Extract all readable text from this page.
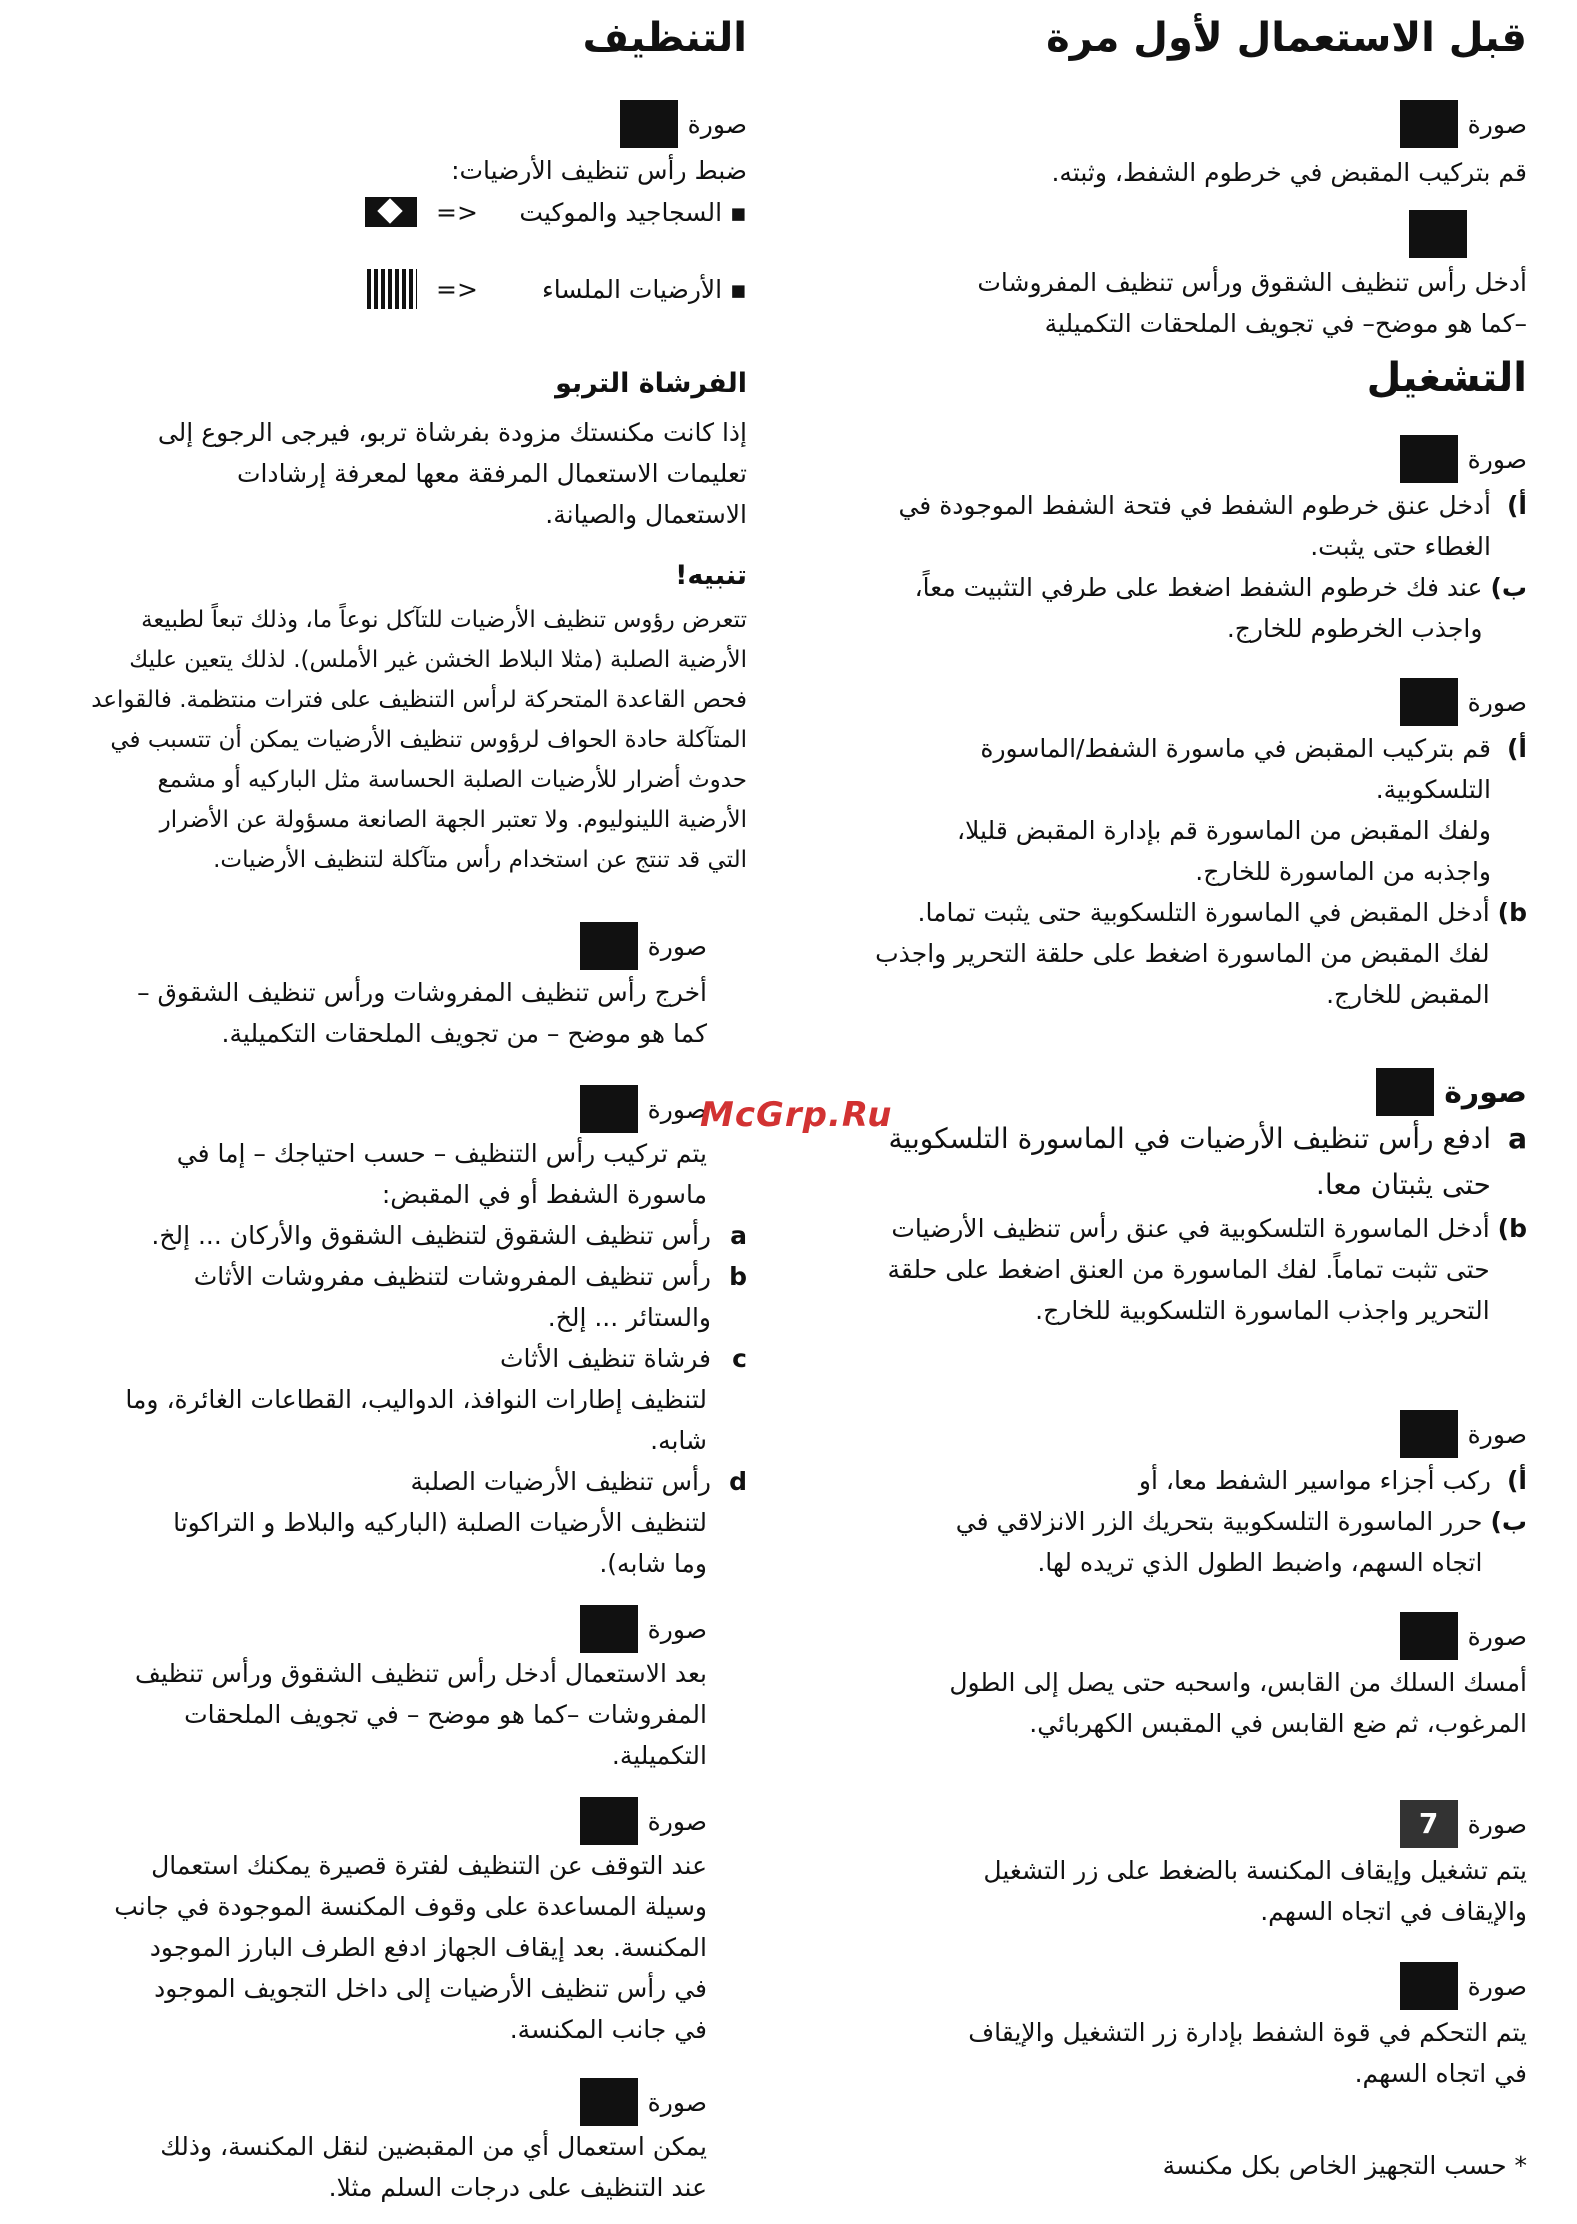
قبل الاستعمال لأول مرة
صورة

قم بتركيب المقبض في خرطوم الشفط، وثبته.

أدخل رأس تنظيف الشقوق ورأس تنظيف المفروشات
–كما هو موضح– في تجويف الملحقات التكميلية

التشغيل
صورة
أ)
أدخل عنق خرطوم الشفط في فتحة الشفط الموجودة في
الغطاء حتى يثبت.
ب)
عند فك خرطوم الشفط اضغط على طرفي التثبيت معاً،
واجذب الخرطوم للخارج.
صورة
أ)
قم بتركيب المقبض في ماسورة الشفط/الماسورة
التلسكوبية.
ولفك المقبض من الماسورة قم بإدارة المقبض قليلا،
واجذبه من الماسورة للخارج.
b)
أدخل المقبض في الماسورة التلسكوبية حتى يثبت تماما.
لفك المقبض من الماسورة اضغط على حلقة التحرير واجذب
المقبض للخارج.
صورة
a
ادفع رأس تنظيف الأرضيات في الماسورة التلسكوبية
حتى يثبتان معا.
b)
أدخل الماسورة التلسكوبية في عنق رأس تنظيف الأرضيات
حتى تثبت تماماً. لفك الماسورة من العنق اضغط على حلقة
التحرير واجذب الماسورة التلسكوبية للخارج.
صورة
أ)
ركب أجزاء مواسير الشفط معا، أو
ب)
حرر الماسورة التلسكوبية بتحريك الزر الانزلاقي في
اتجاه السهم، واضبط الطول الذي تريده لها.
صورة

أمسك السلك من القابس، واسحبه حتى يصل إلى الطول
المرغوب، ثم ضع القابس في المقبس الكهربائي.

صورة
7

يتم تشغيل وإيقاف المكنسة بالضغط على زر التشغيل
والإيقاف في اتجاه السهم.

صورة

يتم التحكم في قوة الشفط بإدارة زر التشغيل والإيقاف
في اتجاه السهم.

* حسب التجهيز الخاص بكل مكنسة

التنظيف
صورة

ضبط رأس تنظيف الأرضيات:

▪ السجاجيد والموكيت
<=
▪ الأرضيات الملساء
<=
الفرشاة التربو

إذا كانت مكنستك مزودة بفرشاة تربو، فيرجى الرجوع إلى
تعليمات الاستعمال المرفقة معها لمعرفة إرشادات
الاستعمال والصيانة.

تنبيه!

تتعرض رؤوس تنظيف الأرضيات للتآكل نوعاً ما، وذلك تبعاً لطبيعة
الأرضية الصلبة (مثلا البلاط الخشن غير الأملس). لذلك يتعين عليك
فحص القاعدة المتحركة لرأس التنظيف على فترات منتظمة. فالقواعد
المتآكلة حادة الحواف لرؤوس تنظيف الأرضيات يمكن أن تتسبب في
حدوث أضرار للأرضيات الصلبة الحساسة مثل الباركيه أو مشمع
الأرضية اللينوليوم. ولا تعتبر الجهة الصانعة مسؤولة عن الأضرار
التي قد تنتج عن استخدام رأس متآكلة لتنظيف الأرضيات.

صورة

أخرج رأس تنظيف المفروشات ورأس تنظيف الشقوق –
كما هو موضح – من تجويف الملحقات التكميلية.

صورة

يتم تركيب رأس التنظيف – حسب احتياجك – إما في
ماسورة الشفط أو في المقبض:

a
رأس تنظيف الشقوق لتنظيف الشقوق والأركان ... إلخ.
b
رأس تنظيف المفروشات لتنظيف مفروشات الأثاث
والستائر ... إلخ.
c
فرشاة تنظيف الأثاث

لتنظيف إطارات النوافذ، الدواليب، القطاعات الغائرة، وما
شابه.

d
رأس تنظيف الأرضيات الصلبة

لتنظيف الأرضيات الصلبة (الباركيه والبلاط و التراكوتا
وما شابه).

صورة

بعد الاستعمال أدخل رأس تنظيف الشقوق ورأس تنظيف
المفروشات –كما هو موضح – في تجويف الملحقات
التكميلية.

صورة

عند التوقف عن التنظيف لفترة قصيرة يمكنك استعمال
وسيلة المساعدة على وقوف المكنسة الموجودة في جانب
المكنسة. بعد إيقاف الجهاز ادفع الطرف البارز الموجود
في رأس تنظيف الأرضيات إلى داخل التجويف الموجود
في جانب المكنسة.

صورة

يمكن استعمال أي من المقبضين لنقل المكنسة، وذلك
عند التنظيف على درجات السلم مثلا.

McGrp.Ru
